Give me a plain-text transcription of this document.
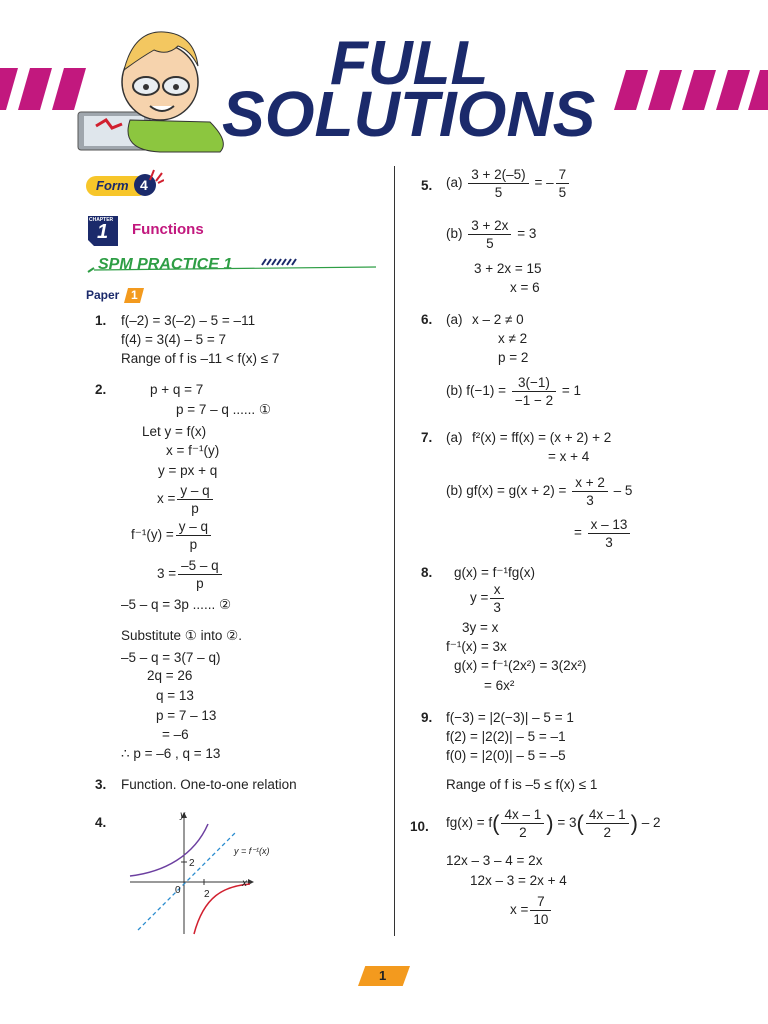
FULL
SOLUTIONS
Form 4
CHAPTER
1 Functions
SPM PRACTICE 1
Paper 1
1. f(–2) = 3(–2) – 5 = –11
f(4) = 3(4) – 5 = 7
Range of f is –11 < f(x) ≤ 7
2.	p + q = 7
p = 7 – q ...... ①
Let y = f(x)
x = f⁻¹(y)
y = px + q
$x = \frac{y - q}{p}$
$f^{-1}(y) = \frac{y - q}{p}$
$3 = \frac{-5 - q}{p}$
–5 – q = 3p ...... ②
Substitute ① into ②.
–5 – q = 3(7 – q)
2q = 26
q = 13
p = 7 – 13
= –6
∴ p = –6 , q = 13
3. Function. One-to-one relation
4.	y
x
0
2
2
y = f⁻¹(x)
5. $(a) \frac{3 + 2(-5)}{5}$ = – $\frac{7}{5}$
$(b) \frac{3 + 2x}{5} = 3$
3 + 2x = 15
x = 6
6. (a) x – 2 ≠ 0
x ≠ 2
p = 2
(b) $f(-1) = \frac{3(-1)}{-1 - 2} = 1$
7. (a) f²(x) = ff(x) = (x + 2) + 2
= x + 4
(b) $gf(x) = g(x + 2) = \frac{x + 2}{3} - 5$
= $\frac{x - 13}{3}$
8. g(x) = f⁻¹fg(x)
$y = \frac{x}{3}$
3y = x
f⁻¹(x) = 3x
g(x) = f⁻¹(2x²) = 3(2x²)
= 6x²
9. f(−3) = |2(−3)| – 5 = 1
f(2) = |2(2)| – 5 = –1
f(0) = |2(0)| – 5 = –5
Range of f is –5 ≤ f(x) ≤ 1
10. $fg(x) = f( \frac{4x - 1}{2}$ ) = $3( \frac{4x - 1}{2}$ ) – 2
12x – 3 – 4 = 2x
12x – 3 = 2x + 4
$x = \frac{7}{10}$
1
